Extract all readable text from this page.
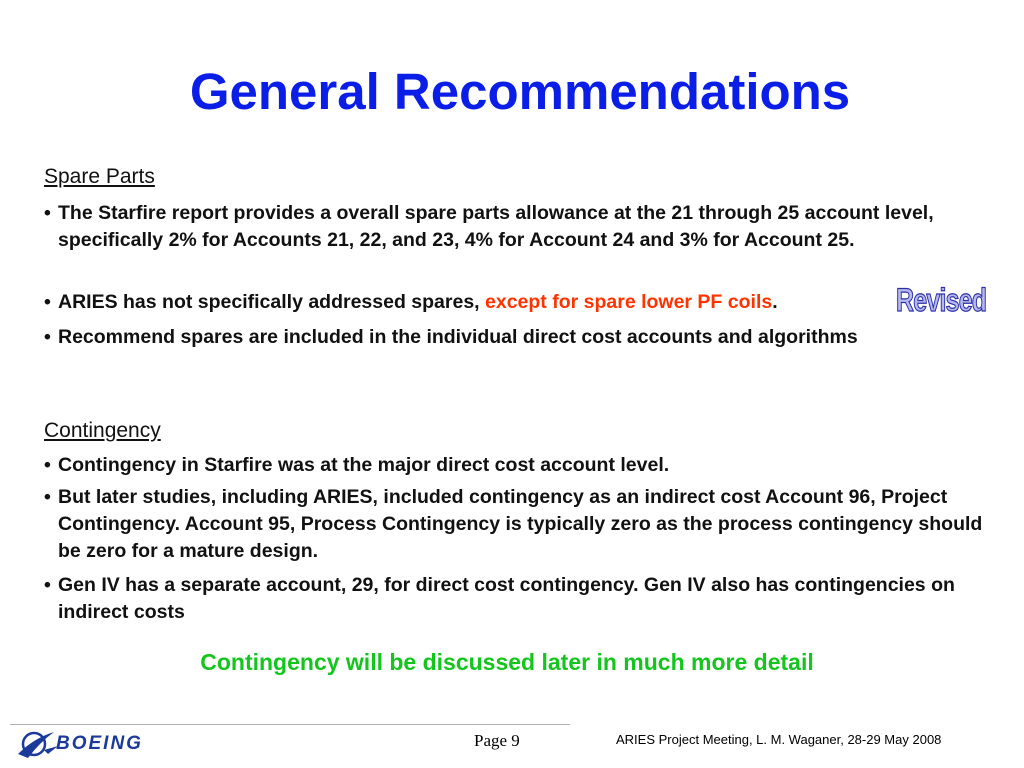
General Recommendations
Spare Parts
• The Starfire report provides a overall spare parts allowance at the 21 through 25 account level, specifically 2% for Accounts 21, 22, and 23, 4% for Account 24 and 3% for Account 25.
• ARIES has not specifically addressed spares, except for spare lower PF coils.	Revised
• Recommend spares are included in the individual direct cost accounts and algorithms
Contingency
• Contingency in Starfire was at the major direct cost account level.
• But later studies, including ARIES, included contingency as an indirect cost Account 96, Project Contingency. Account 95, Process Contingency is typically zero as the process contingency should be zero for a mature design.
• Gen IV has a separate account, 29, for direct cost contingency. Gen IV also has contingencies on indirect costs
Contingency will be discussed later in much more detail
BOEING	Page 9	ARIES Project Meeting, L. M. Waganer, 28-29 May 2008
